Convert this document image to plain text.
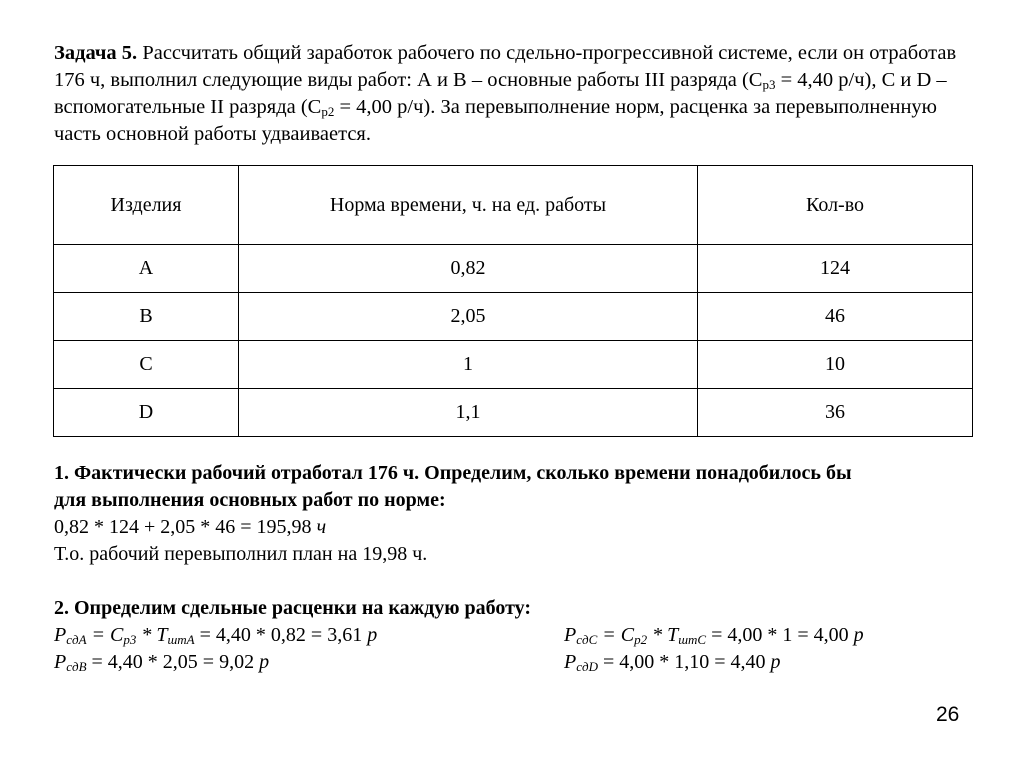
Задача 5. Рассчитать общий заработок рабочего по сдельно-прогрессивной системе, если он отработав 176 ч, выполнил следующие виды работ: А и В – основные работы III разряда ($С_{р3} = 4,40$ р/ч), С и D – вспомогательные II разряда ($С_{р2} = 4,00$ р/ч). За перевыполнение норм, расценка за перевыполненную часть основной работы удваивается.

Изделия	Норма времени, ч. на ед. работы	Кол-во
A	0,82	124
B	2,05	46
C	1	10
D	1,1	36
1. Фактически рабочий отработал 176 ч. Определим, сколько времени понадобилось бы
для выполнения основных работ по норме:
0,82 * 124 + 2,05 * 46 = 195,98 ч
Т.о. рабочий перевыполнил план на 19,98 ч.
2. Определим сдельные расценки на каждую работу:
$Р_{сдА} = С_{р3} * Т_{штА} = 4,40 * 0,82 = 3,61$ р	$Р_{сдС} = С_{р2} * Т_{штС} = 4,00 * 1 = 4,00$ р
$Р_{сдВ} = 4,40 * 2,05 = 9,02$ р	$Р_{сдD} = 4,00 * 1,10 = 4,40$ р
26
